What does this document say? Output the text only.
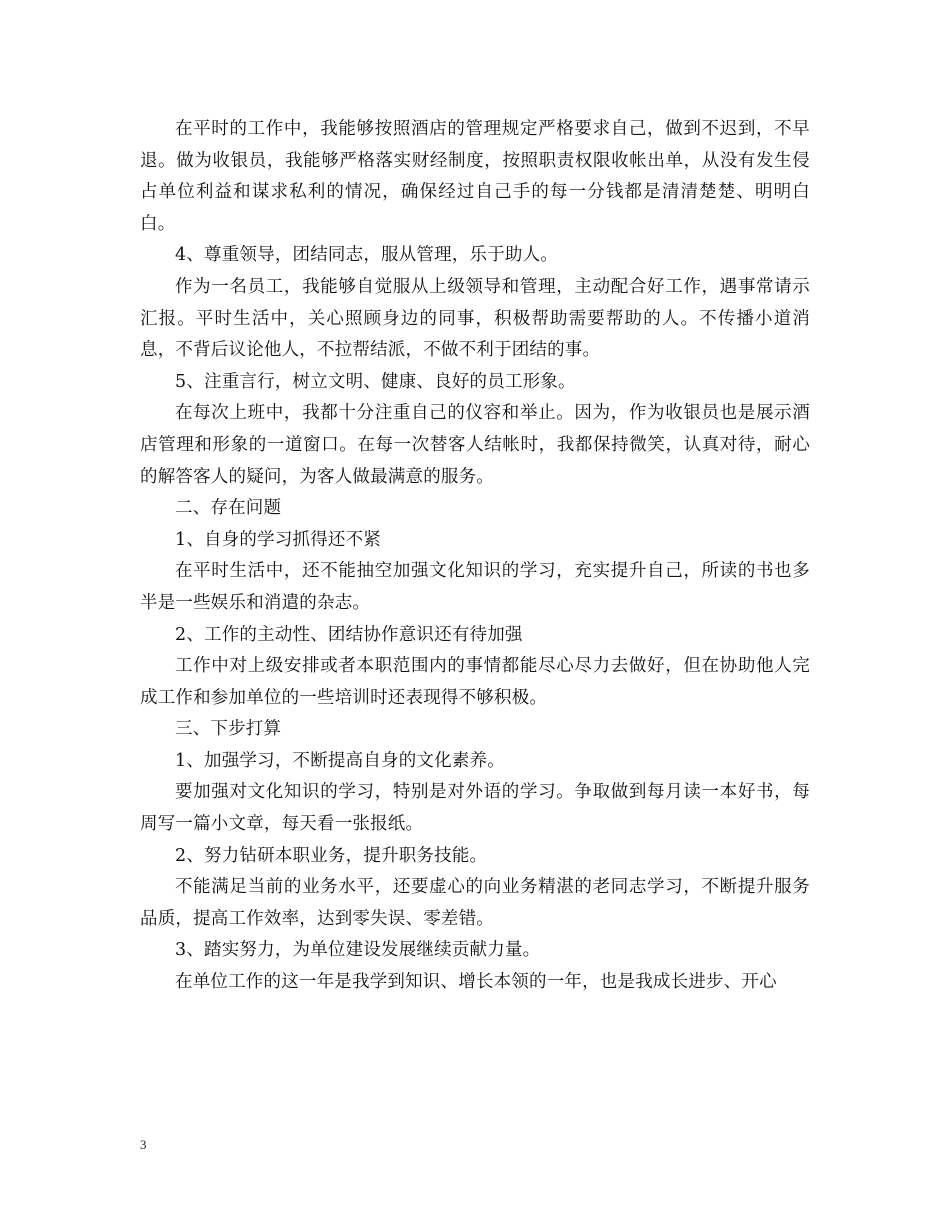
在平时的工作中，我能够按照酒店的管理规定严格要求自己，做到不迟到，不早退。做为收银员，我能够严格落实财经制度，按照职责权限收帐出单，从没有发生侵占单位利益和谋求私利的情况，确保经过自己手的每一分钱都是清清楚楚、明明白白。

4、尊重领导，团结同志，服从管理，乐于助人。

作为一名员工，我能够自觉服从上级领导和管理，主动配合好工作，遇事常请示汇报。平时生活中，关心照顾身边的同事，积极帮助需要帮助的人。不传播小道消息，不背后议论他人，不拉帮结派，不做不利于团结的事。

5、注重言行，树立文明、健康、良好的员工形象。

在每次上班中，我都十分注重自己的仪容和举止。因为，作为收银员也是展示酒店管理和形象的一道窗口。在每一次替客人结帐时，我都保持微笑，认真对待，耐心的解答客人的疑问，为客人做最满意的服务。

二、存在问题

1、自身的学习抓得还不紧

在平时生活中，还不能抽空加强文化知识的学习，充实提升自己，所读的书也多半是一些娱乐和消遣的杂志。

2、工作的主动性、团结协作意识还有待加强

工作中对上级安排或者本职范围内的事情都能尽心尽力去做好，但在协助他人完成工作和参加单位的一些培训时还表现得不够积极。

三、下步打算

1、加强学习，不断提高自身的文化素养。

要加强对文化知识的学习，特别是对外语的学习。争取做到每月读一本好书，每周写一篇小文章，每天看一张报纸。

2、努力钻研本职业务，提升职务技能。

不能满足当前的业务水平，还要虚心的向业务精湛的老同志学习，不断提升服务品质，提高工作效率，达到零失误、零差错。

3、踏实努力，为单位建设发展继续贡献力量。

在单位工作的这一年是我学到知识、增长本领的一年，也是我成长进步、开心

3
